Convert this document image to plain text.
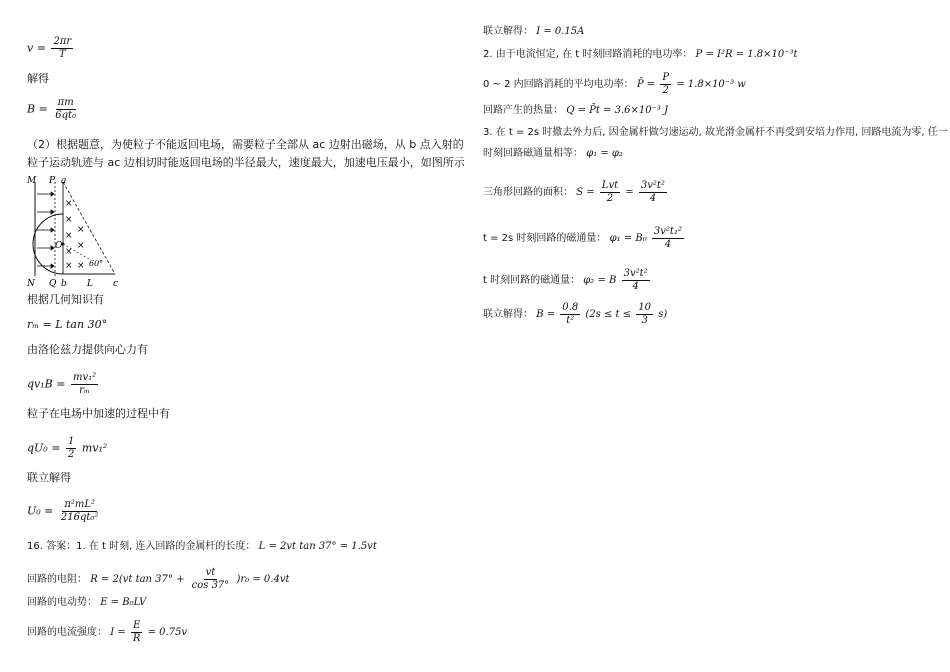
$v = \frac{2\pi r}{T}$
解得
$B = \frac{\pi m}{\text{6qt₀}}$
（2）根据题意，为使粒子不能返回电场，需要粒子全部从 ac 边射出磁场，从 b 点入射的粒子运动轨迹与 ac 边相切时能返回电场的半径最大，速度最大，加速电压最小，如图所示
×
×
×
×
×
×
× ×
M P a
O
N Q b L c
60°
根据几何知识有
rₘ = L tan 30°
由洛伦兹力提供向心力有
$qv_1B = \frac{\text{mv₁²}}{\text{rₘ}}$
粒子在电场中加速的过程中有
$qU_0 = \frac{1}{2} mv_1^2$
联立解得
$U_0 = \frac{\text{π²mL²}}{\text{216qt₀²}}$
16. 答案：1. 在 t 时刻, 连入回路的金属杆的长度： L = 2vt tan 37° = 1.5vt
回路的电阻： R = 2(vt $\tan 37^\circ + \frac{vt}{\cos 37^\circ} )r_0 = 0.4vt$
回路的电动势： E = B₀LV
回路的电流强度： $I = \frac{E}{R} = 0.75v$
联立解得： I = 0.15A
2. 由于电流恒定, 在 t 时刻回路消耗的电功率： P = I²R = 1.8×10⁻³t
0 ~ 2 内回路消耗的平均电功率： P̄ = $\frac{P}{2} = 1.8\times 10^{-3}$ w
回路产生的热量： Q = P̄t = 3.6×10⁻³ J
3. 在 t = 2s 时撤去外力后, 因金属杆做匀速运动, 故光滑金属杆不再受到安培力作用, 回路电流为零, 任一
时刻回路磁通量相等： φ₁ = φ₂
三角形回路的面积： $S = \frac{\text{Lvt}}{2} = \frac{\text{3v²t²}}{4}$
t = 2s 时刻回路的磁通量： $\varphi_1 = B_0 \frac{\text{3v²t₁²}}{4}$
t 时刻回路的磁通量： φ₂ = B $\frac{\text{3v²t²}}{4}$
联立解得： $B = \frac{0.8}{\text{t²}} (2s \le t \le \frac{10}{3} s)$
